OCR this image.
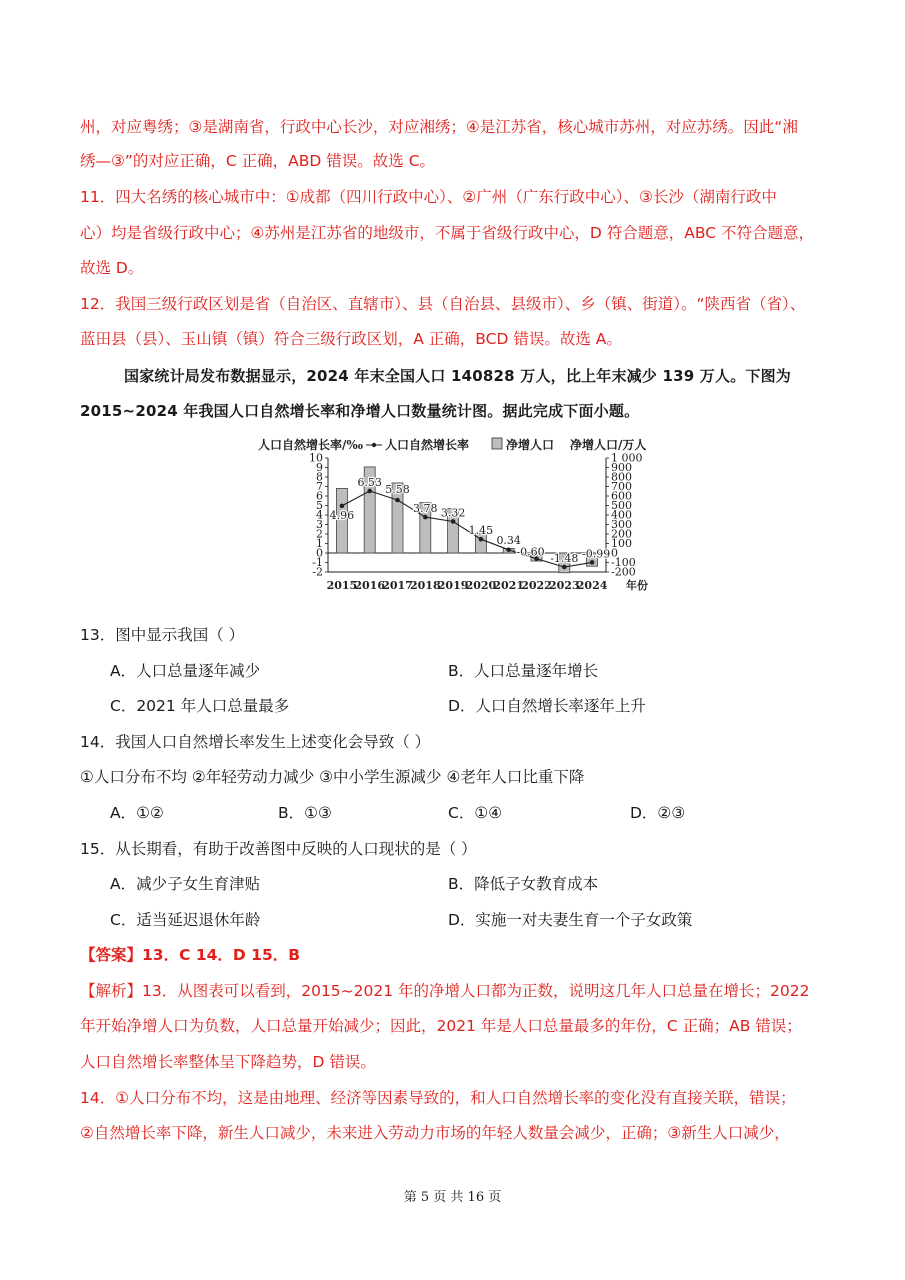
州，对应粤绣；③是湖南省，行政中心长沙，对应湘绣；④是江苏省，核心城市苏州，对应苏绣。因此“湘
绣—③”的对应正确，C 正确，ABD 错误。故选 C。
11．四大名绣的核心城市中：①成都（四川行政中心）、②广州（广东行政中心）、③长沙（湖南行政中
心）均是省级行政中心；④苏州是江苏省的地级市，不属于省级行政中心，D 符合题意，ABC 不符合题意，
故选 D。
12．我国三级行政区划是省（自治区、直辖市）、县（自治县、县级市）、乡（镇、街道）。“陕西省（省）、
蓝田县（县）、玉山镇（镇）符合三级行政区划，A 正确，BCD 错误。故选 A。
国家统计局发布数据显示，2024 年末全国人口 140828 万人，比上年末减少 139 万人。下图为
2015~2024 年我国人口自然增长率和净增人口数量统计图。据此完成下面小题。
10
9
8
7
6
5
4
3
2
1
0
-1
-2
1 000
900
800
700
600
500
400
300
200
100
0
-100
-200
2015
2016
2017
2018
2019
2020
2021
2022
2023
2024 年份
人口自然增长率/‰ 人口自然增长率	净增人口 净增人口/万人
4.96
6.53
5.58
3.78 3.32
1.45
0.34
-0.60 -1.48 -0.99
13．图中显示我国（ ）
A．人口总量逐年减少	B．人口总量逐年增长
C．2021 年人口总量最多	D．人口自然增长率逐年上升
14．我国人口自然增长率发生上述变化会导致（ ）
①人口分布不均 ②年轻劳动力减少 ③中小学生源减少 ④老年人口比重下降
A．①②	B．①③	C．①④	D．②③
15．从长期看，有助于改善图中反映的人口现状的是（ ）
A．减少子女生育津贴	B．降低子女教育成本
C．适当延迟退休年龄	D．实施一对夫妻生育一个子女政策
【答案】13．C 14．D 15．B
【解析】13．从图表可以看到，2015~2021 年的净增人口都为正数，说明这几年人口总量在增长；2022
年开始净增人口为负数，人口总量开始减少；因此，2021 年是人口总量最多的年份，C 正确；AB 错误；
人口自然增长率整体呈下降趋势，D 错误。
14．①人口分布不均，这是由地理、经济等因素导致的，和人口自然增长率的变化没有直接关联，错误；
②自然增长率下降，新生人口减少，未来进入劳动力市场的年轻人数量会减少，正确；③新生人口减少，
第 5 页 共 16 页
